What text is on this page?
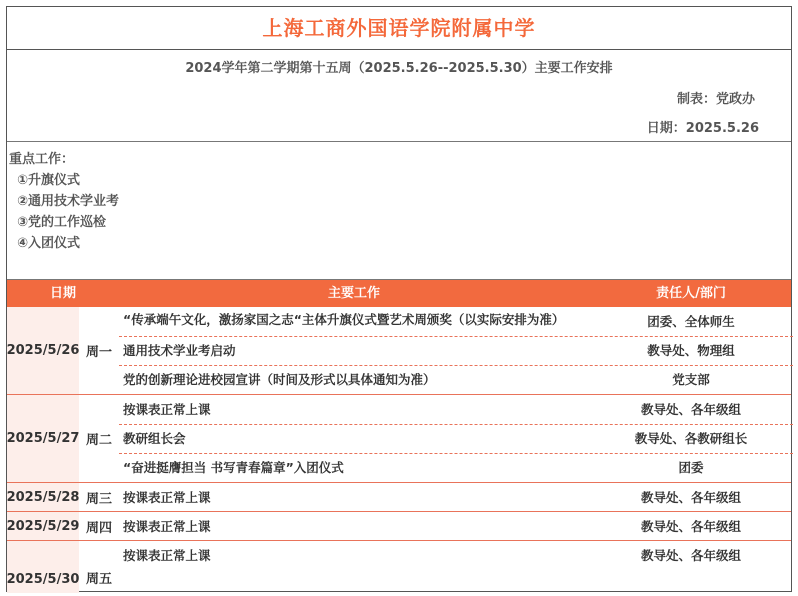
上海工商外国语学院附属中学
2024学年第二学期第十五周（2025.5.26--2025.5.30）主要工作安排
制表：党政办
日期：2025.5.26
重点工作：
①升旗仪式
②通用技术学业考
③党的工作巡检
④入团仪式
日期	主要工作	责任人/部门
2025/5/26 周一
“传承端午文化，激扬家国之志“主体升旗仪式暨艺术周颁奖（以实际安排为准）	团委、全体师生
通用技术学业考启动	教导处、物理组
党的创新理论进校园宣讲（时间及形式以具体通知为准）	党支部
2025/5/27 周二
按课表正常上课	教导处、各年级组
教研组长会	教导处、各教研组长
“奋进挺膺担当 书写青春篇章”入团仪式	团委
2025/5/28 周三 按课表正常上课	教导处、各年级组
2025/5/29 周四 按课表正常上课	教导处、各年级组
2025/5/30 周五
按课表正常上课	教导处、各年级组
